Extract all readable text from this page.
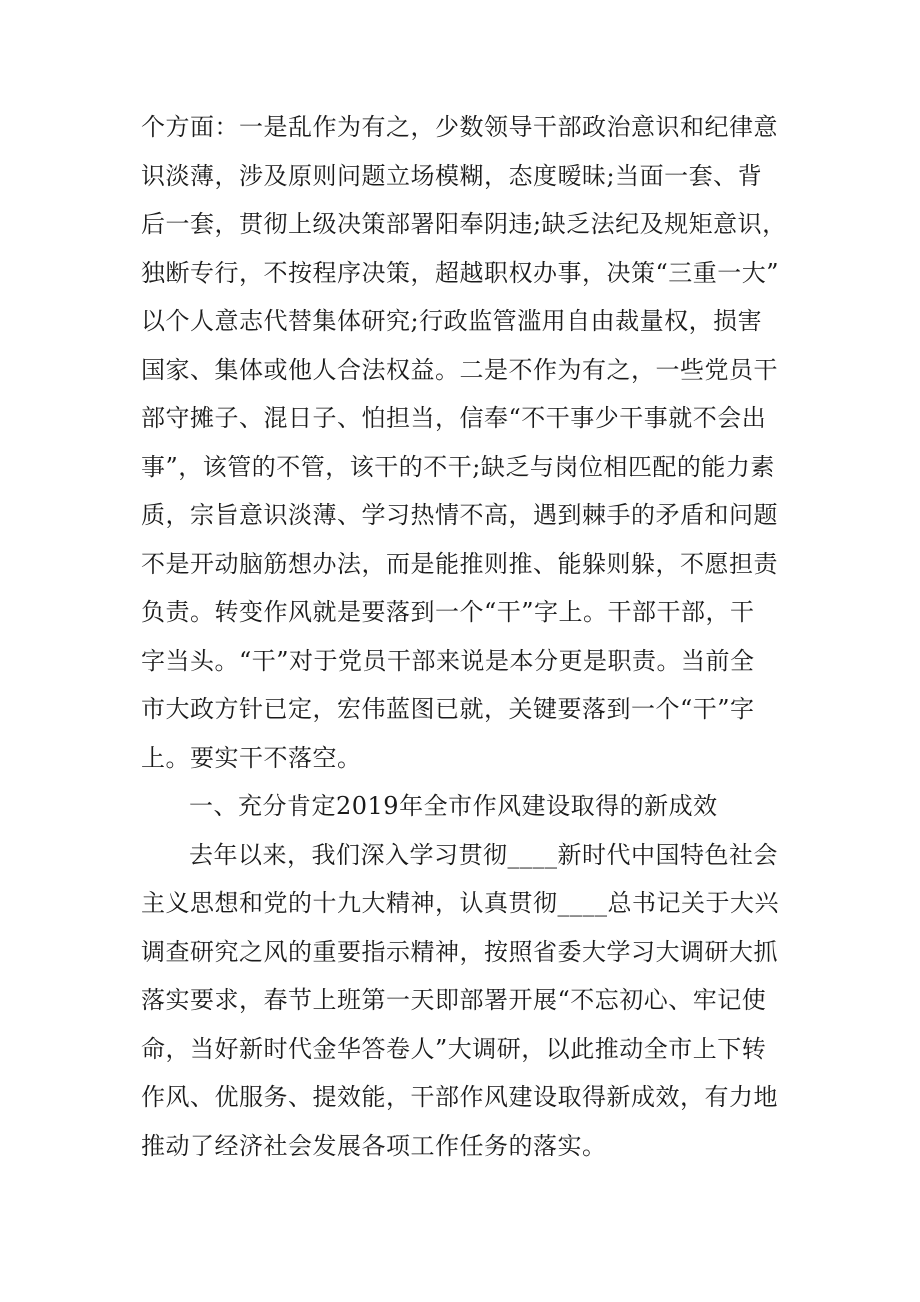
个方面：一是乱作为有之，少数领导干部政治意识和纪律意
识淡薄，涉及原则问题立场模糊，态度暧昧;当面一套、背
后一套，贯彻上级决策部署阳奉阴违;缺乏法纪及规矩意识，
独断专行，不按程序决策，超越职权办事，决策“三重一大”
以个人意志代替集体研究;行政监管滥用自由裁量权，损害
国家、集体或他人合法权益。二是不作为有之，一些党员干
部守摊子、混日子、怕担当，信奉“不干事少干事就不会出
事”，该管的不管，该干的不干;缺乏与岗位相匹配的能力素
质，宗旨意识淡薄、学习热情不高，遇到棘手的矛盾和问题
不是开动脑筋想办法，而是能推则推、能躲则躲，不愿担责
负责。转变作风就是要落到一个“干”字上。干部干部，干
字当头。“干”对于党员干部来说是本分更是职责。当前全
市大政方针已定，宏伟蓝图已就，关键要落到一个“干”字
上。要实干不落空。
一、充分肯定2019年全市作风建设取得的新成效
去年以来，我们深入学习贯彻____新时代中国特色社会
主义思想和党的十九大精神，认真贯彻____总书记关于大兴
调查研究之风的重要指示精神，按照省委大学习大调研大抓
落实要求，春节上班第一天即部署开展“不忘初心、牢记使
命，当好新时代金华答卷人”大调研，以此推动全市上下转
作风、优服务、提效能，干部作风建设取得新成效，有力地
推动了经济社会发展各项工作任务的落实。
